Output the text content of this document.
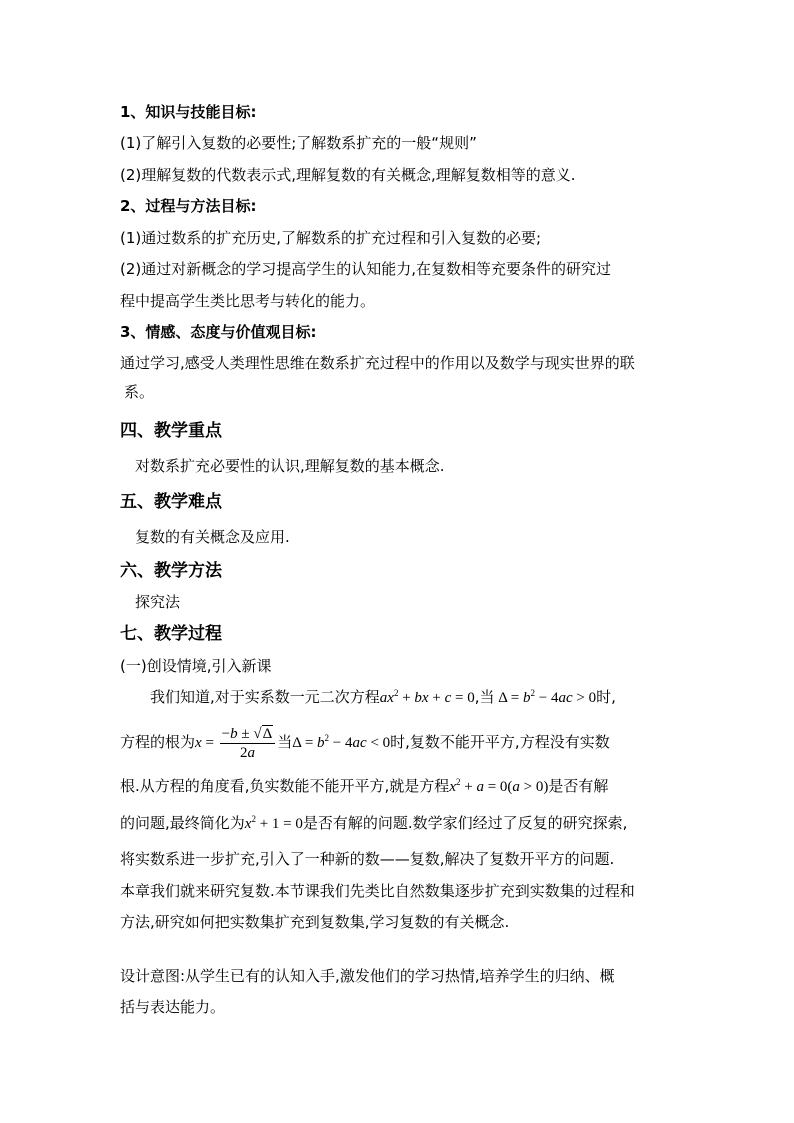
1、知识与技能目标:
(1)了解引入复数的必要性;了解数系扩充的一般“规则”
(2)理解复数的代数表示式,理解复数的有关概念,理解复数相等的意义.
2、过程与方法目标:
(1)通过数系的扩充历史,了解数系的扩充过程和引入复数的必要;
(2)通过对新概念的学习提高学生的认知能力,在复数相等充要条件的研究过
程中提高学生类比思考与转化的能力。
3、情感、态度与价值观目标:
通过学习,感受人类理性思维在数系扩充过程中的作用以及数学与现实世界的联
系。
四、教学重点
对数系扩充必要性的认识,理解复数的基本概念.
五、教学难点
复数的有关概念及应用.
六、教学方法
探究法
七、教学过程
(一)创设情境,引入新课
我们知道,对于实系数一元二次方程$ax^2$ + bx + c = 0,当 $\Delta = b^2 - 4ac > 0$时,
方程的根为$x = \frac{-b \pm √\Delta}{2a}$ 当$\Delta = b^2 - 4ac < 0$时,复数不能开平方,方程没有实数
根.从方程的角度看,负实数能不能开平方,就是方程$x^2 + a = 0(a > 0)$是否有解
的问题,最终简化为$x^2 + 1 = 0$是否有解的问题.数学家们经过了反复的研究探索,
将实数系进一步扩充,引入了一种新的数——复数,解决了复数开平方的问题.
本章我们就来研究复数.本节课我们先类比自然数集逐步扩充到实数集的过程和
方法,研究如何把实数集扩充到复数集,学习复数的有关概念.
设计意图:从学生已有的认知入手,激发他们的学习热情,培养学生的归纳、概
括与表达能力。
